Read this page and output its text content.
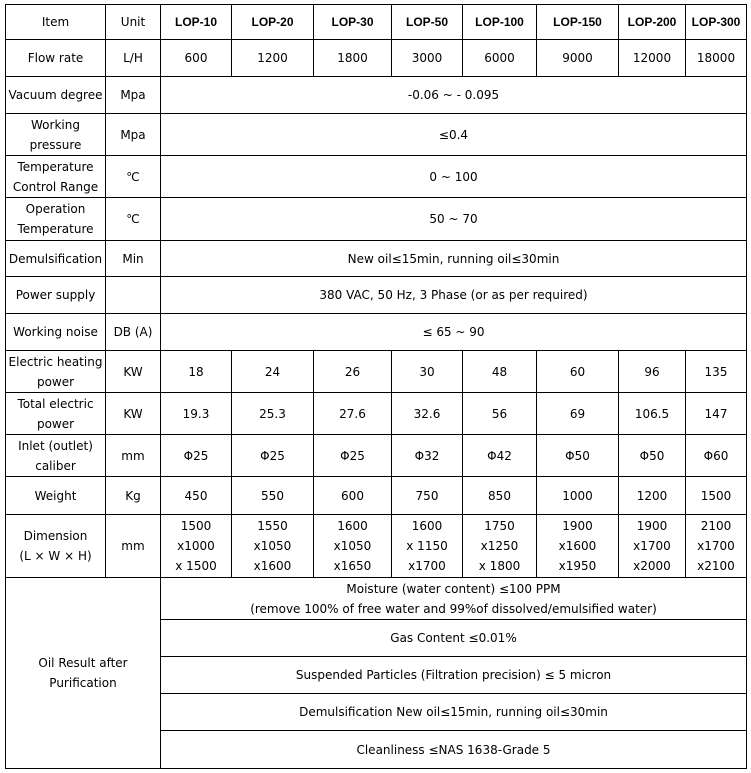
Item	Unit	LOP-10	LOP-20	LOP-30	LOP-50	LOP-100	LOP-150	LOP-200	LOP-300
Flow rate	L/H	600	1200	1800	3000	6000	9000	12000	18000
Vacuum degree	Mpa	-0.06 ~ - 0.095							

Working
pressure	Mpa	≤0.4							

Temperature
Control Range	℃	0 ~ 100							

Operation
Temperature	℃	50 ~ 70							
Demulsification	Min	New oil≤15min, running oil≤30min							
Power supply		380 VAC, 50 Hz, 3 Phase (or as per required)							
Working noise	DB (A)	≤ 65 ~ 90							

Electric heating
power	KW	18	24	26	30	48	60	96	135

Total electric
power	KW	19.3	25.3	27.6	32.6	56	69	106.5	147

Inlet (outlet)
caliber	mm	Φ25	Φ25	Φ25	Φ32	Φ42	Φ50	Φ50	Φ60
Weight	Kg	450	550	600	750	850	1000	1200	1500

Dimension
(L × W × H)	mm	1500
x1000
x 1500	1550
x1050
x1600	1600
x1050
x1650	1600
x 1150
x1700	1750
x1250
x 1800	1900
x1600
x1950	1900
x1700
x2000	2100
x1700
x2100

Oil Result after Purification		Moisture (water content) ≤100 PPM
(remove 100% of free water and 99%of dissolved/emulsified water)							

		Gas Content ≤0.01%							
		Suspended Particles (Filtration precision) ≤ 5 micron							
		Demulsification New oil≤15min, running oil≤30min							
		Cleanliness ≤NAS 1638-Grade 5							
